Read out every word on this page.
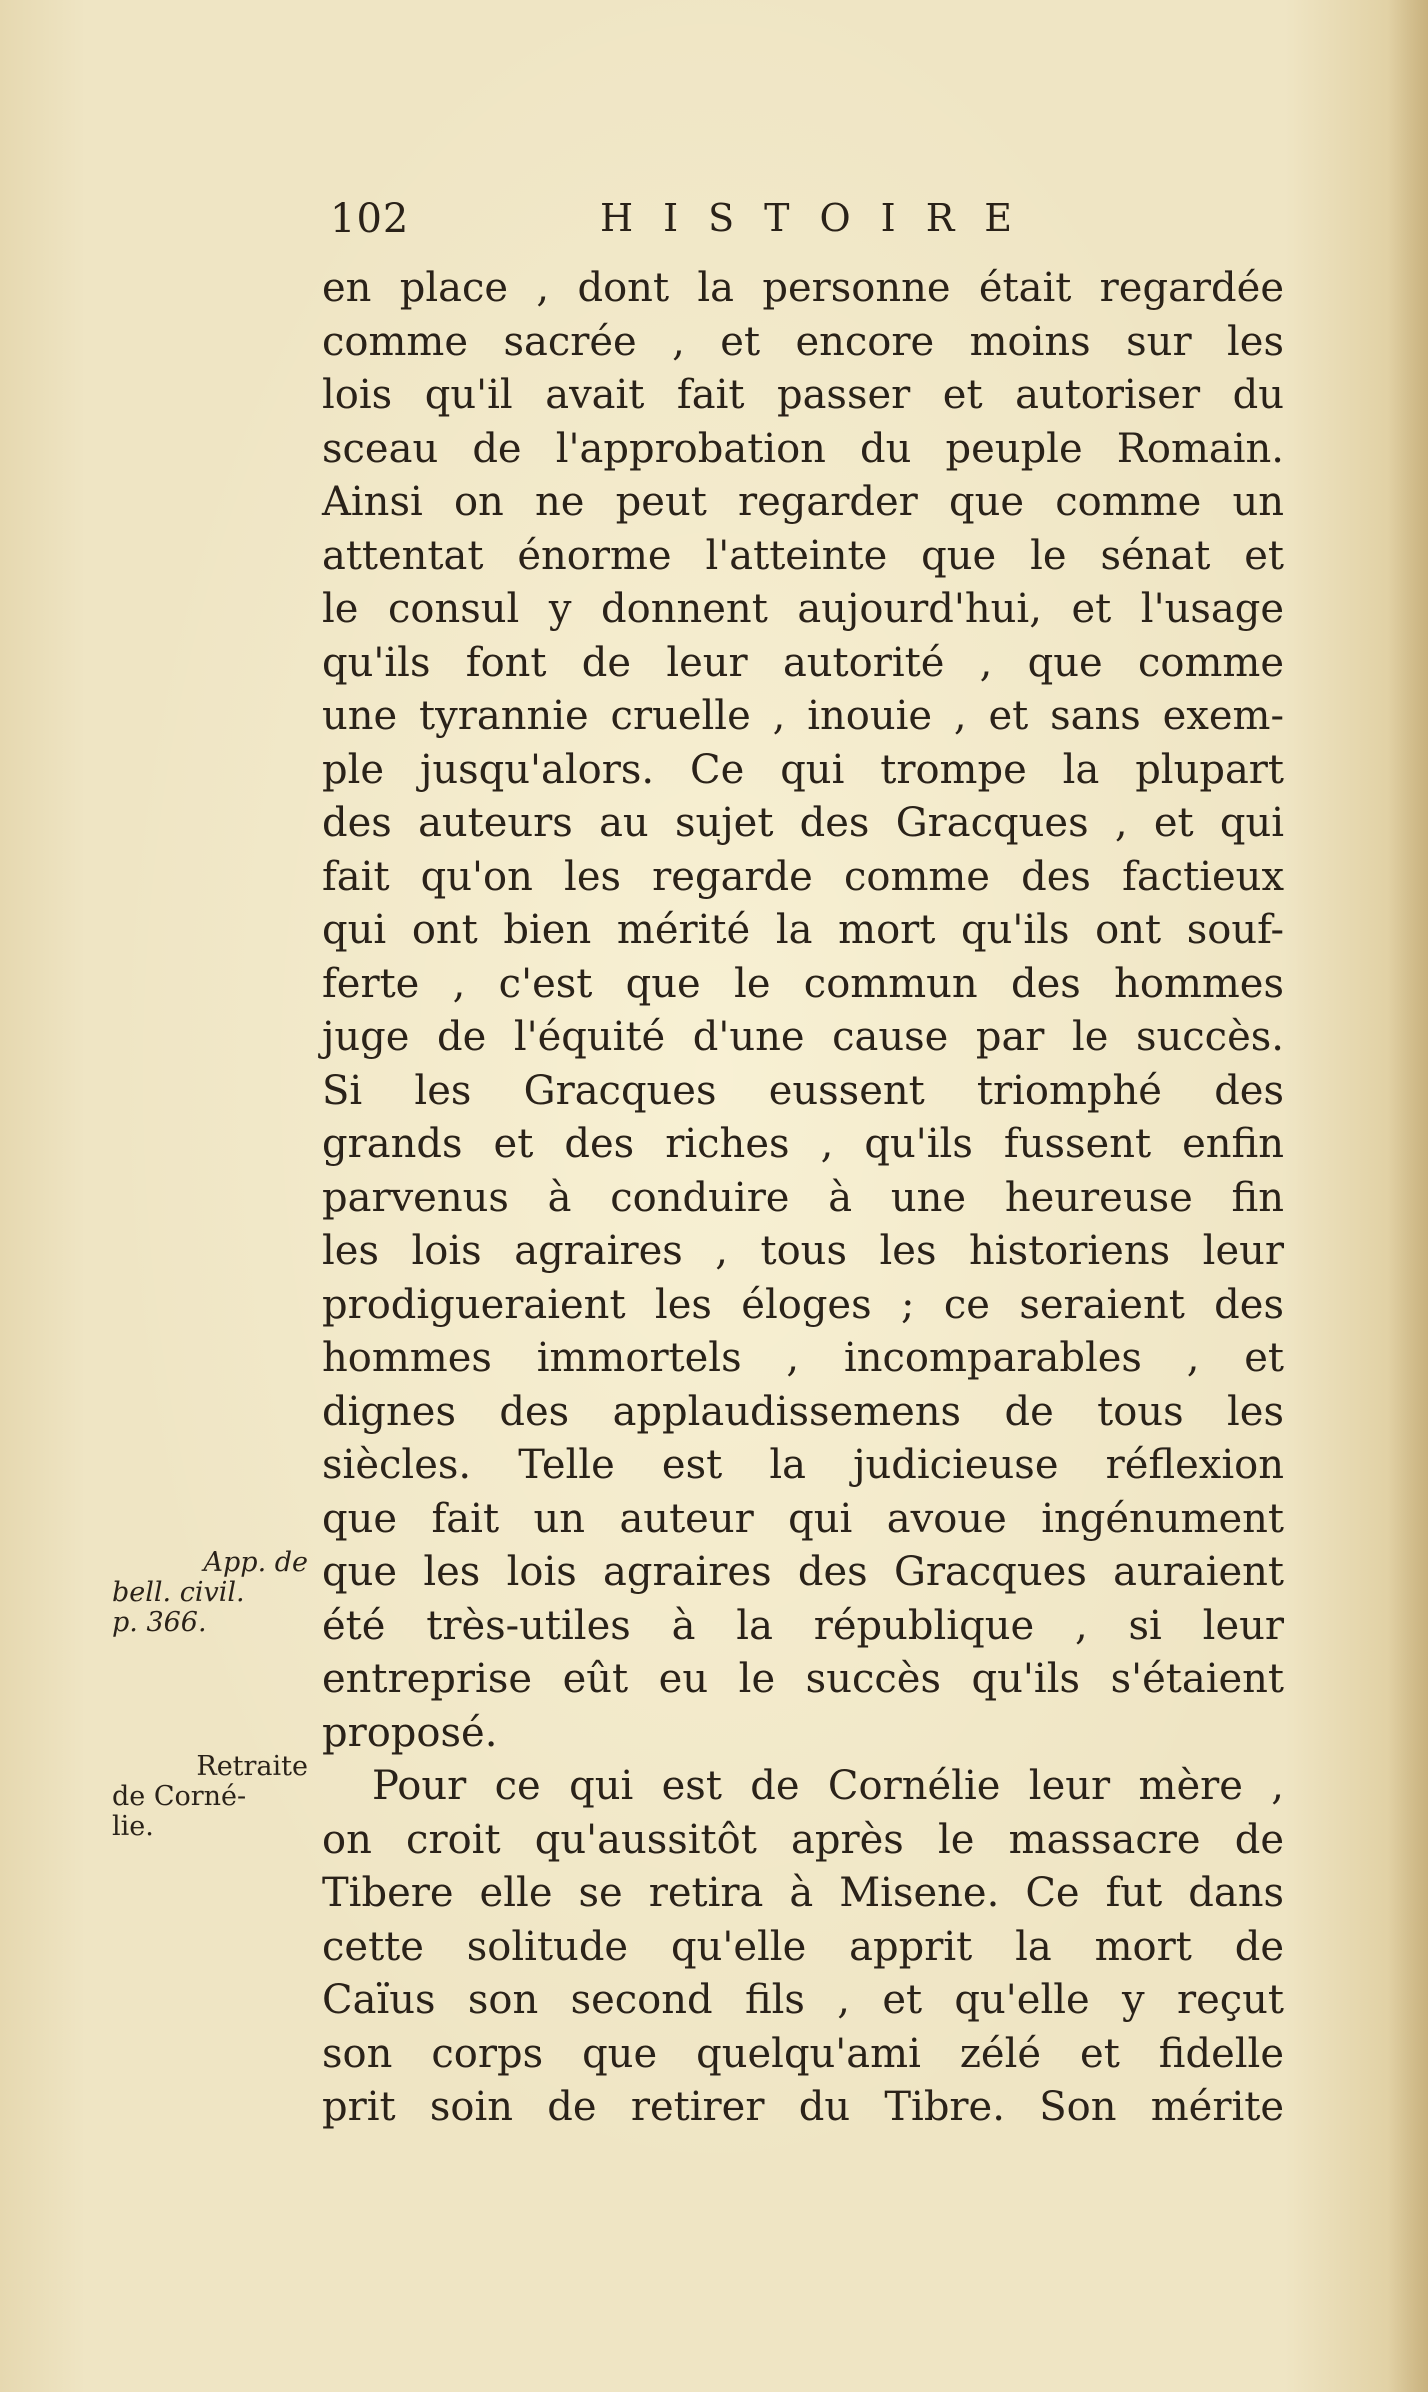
102	HISTOIRE
en place , dont la personne était regardée
comme sacrée , et encore moins sur les
lois qu'il avait fait passer et autoriser du
sceau de l'approbation du peuple Romain.
Ainsi on ne peut regarder que comme un
attentat énorme l'atteinte que le sénat et
le consul y donnent aujourd'hui, et l'usage
qu'ils font de leur autorité , que comme
une tyrannie cruelle , inouie , et sans exem-
ple jusqu'alors. Ce qui trompe la plupart
des auteurs au sujet des Gracques , et qui
fait qu'on les regarde comme des factieux
qui ont bien mérité la mort qu'ils ont souf-
ferte , c'est que le commun des hommes
juge de l'équité d'une cause par le succès.
Si les Gracques eussent triomphé des
grands et des riches , qu'ils fussent enfin
parvenus à conduire à une heureuse fin
les lois agraires , tous les historiens leur
prodigueraient les éloges ; ce seraient des
hommes immortels , incomparables , et
dignes des applaudissemens de tous les
siècles. Telle est la judicieuse réflexion
que fait un auteur qui avoue ingénument
que les lois agraires des Gracques auraient
été très-utiles à la république , si leur
entreprise eût eu le succès qu'ils s'étaient
proposé.
Pour ce qui est de Cornélie leur mère ,
on croit qu'aussitôt après le massacre de
Tibere elle se retira à Misene. Ce fut dans
cette solitude qu'elle apprit la mort de
Caïus son second fils , et qu'elle y reçut
son corps que quelqu'ami zélé et fidelle
prit soin de retirer du Tibre. Son mérite
App. de
bell. civil.
p. 366.
Retraite
de Corné-
lie.
